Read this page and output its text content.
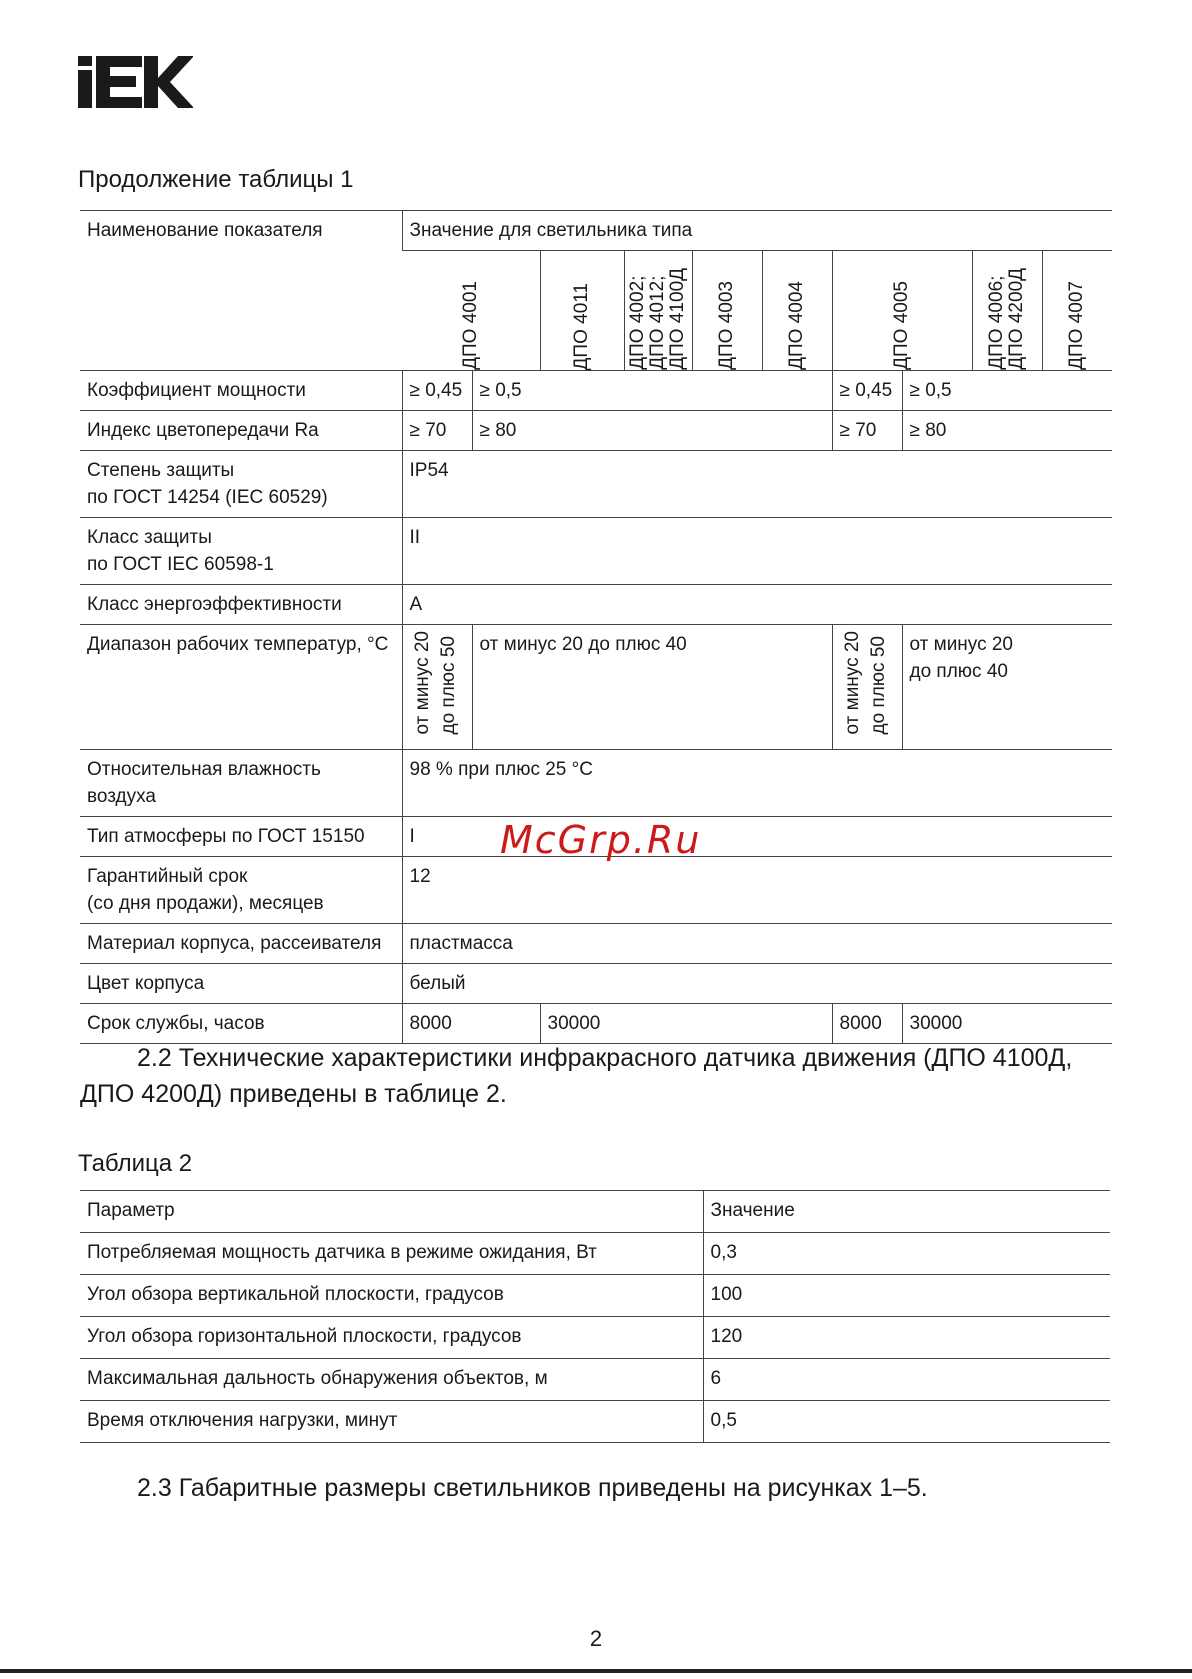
Продолжение таблицы 1
Наименование показателя	Значение для светильника типа									

	ДПО 4001		ДПО 4011	ДПО 4002;
ДПО 4012;
ДПО 4100Д	ДПО 4003	ДПО 4004	ДПО 4005		ДПО 4006;
ДПО 4200Д	ДПО 4007

Коэффициент мощности	≥ 0,45	≥ 0,5					≥ 0,45	≥ 0,5		
Индекс цветопередачи Ra	≥ 70	≥ 80					≥ 70	≥ 80		
Степень защиты
по ГОСТ 14254 (IEC 60529)	IP54									
Класс защиты
по ГОСТ IEC 60598-1	II									
Класс энергоэффективности	A									
Диапазон рабочих температур, °C	от минус 20
до плюс 50	от минус 20 до плюс 40					от минус 20
до плюс 50	от минус 20
до плюс 40		
Относительная влажность воздуха	98 % при плюс 25 °C									
Тип атмосферы по ГОСТ 15150	I									
Гарантийный срок
(со дня продажи), месяцев	12									
Материал корпуса, рассеивателя	пластмасса									
Цвет корпуса	белый									
Срок службы, часов	8000		30000				8000	30000		
McGrp.Ru

2.2 Технические характеристики инфракрасного датчика движения (ДПО 4100Д, ДПО 4200Д) приведены в таблице 2.

Таблица 2
Параметр	Значение
Потребляемая мощность датчика в режиме ожидания, Вт	0,3
Угол обзора вертикальной плоскости, градусов	100
Угол обзора горизонтальной плоскости, градусов	120
Максимальная дальность обнаружения объектов, м	6
Время отключения нагрузки, минут	0,5

2.3 Габаритные размеры светильников приведены на рисунках 1–5.

2
